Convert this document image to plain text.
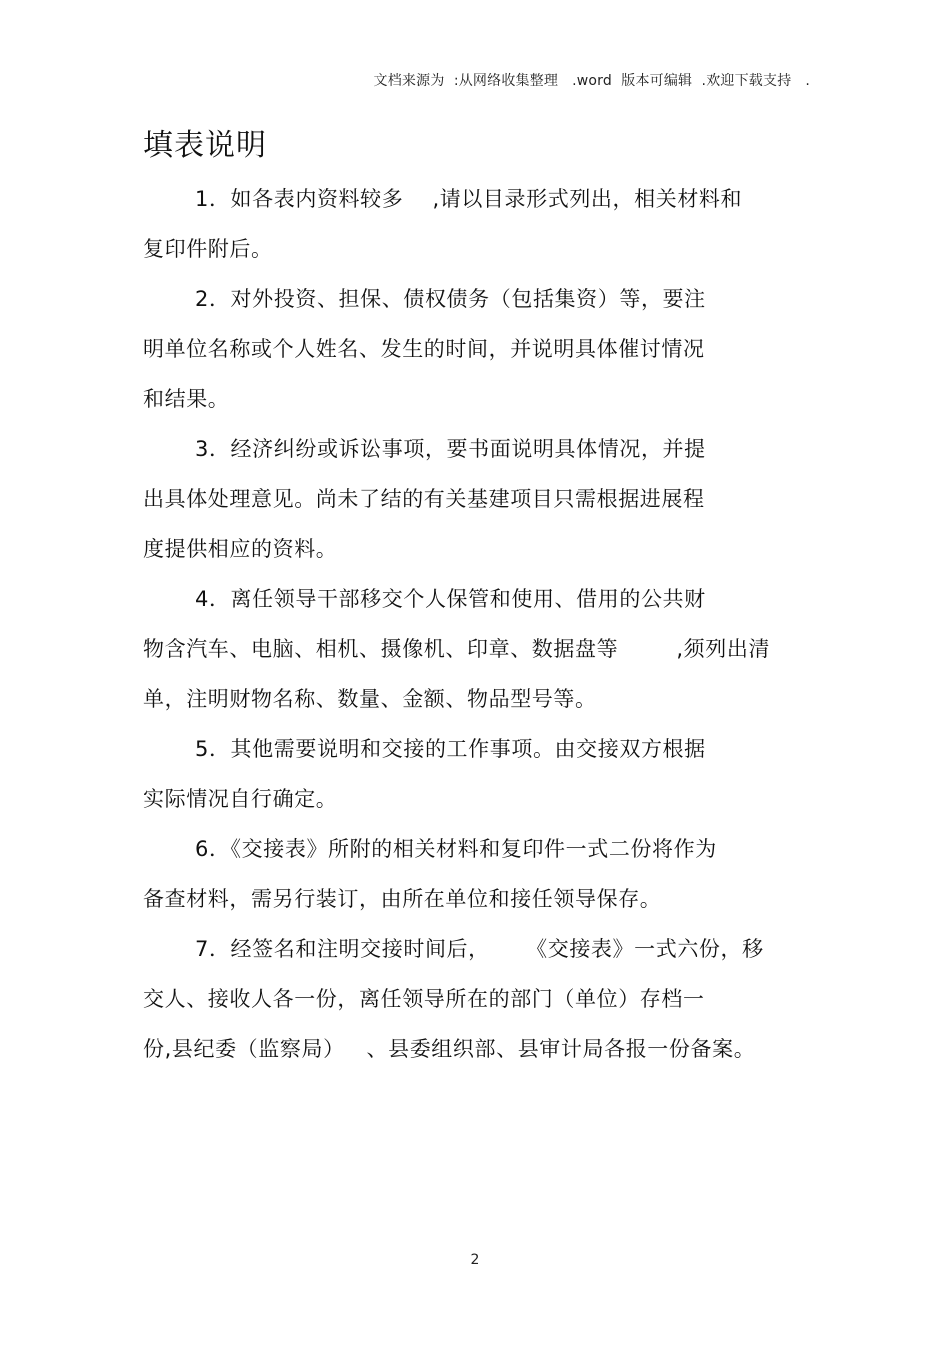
文档来源为  :从网络收集整理   .word  版本可编辑  .欢迎下载支持   .
填表说明
1．如各表内资料较多    ,请以目录形式列出，相关材料和
复印件附后。
2．对外投资、担保、债权债务（包括集资）等，要注
明单位名称或个人姓名、发生的时间，并说明具体催讨情况
和结果。
3．经济纠纷或诉讼事项，要书面说明具体情况，并提
出具体处理意见。尚未了结的有关基建项目只需根据进展程
度提供相应的资料。
4．离任领导干部移交个人保管和使用、借用的公共财
物含汽车、电脑、相机、摄像机、印章、数据盘等        ,须列出清
单，注明财物名称、数量、金额、物品型号等。
5．其他需要说明和交接的工作事项。由交接双方根据
实际情况自行确定。
6．《交接表》所附的相关材料和复印件一式二份将作为
备查材料，需另行装订，由所在单位和接任领导保存。
7．经签名和注明交接时间后，     《交接表》一式六份，移
交人、接收人各一份，离任领导所在的部门（单位）存档一
份,县纪委（监察局）   、县委组织部、县审计局各报一份备案。
2
